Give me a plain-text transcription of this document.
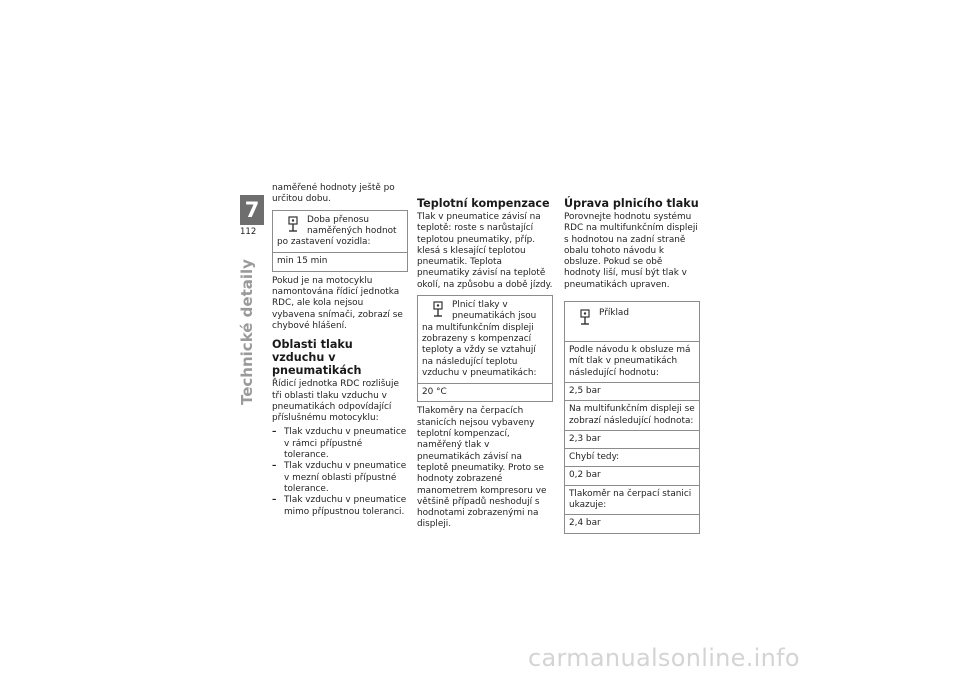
7
112
Technické detaily

naměřené hodnoty ještě po určitou dobu.

Doba přenosu naměřených hodnot po zastavení vozidla:
min 15 min

Pokud je na motocyklu namontována řídicí jednotka RDC, ale kola nejsou vybavena snímači, zobrazí se chybové hlášení.

Oblasti tlaku vzduchu v pneumatikách

Řídicí jednotka RDC rozlišuje tři oblasti tlaku vzduchu v pneumatikách odpovídající příslušnému motocyklu:

– Tlak vzduchu v pneumatice v rámci přípustné tolerance.
– Tlak vzduchu v pneumatice v mezní oblasti přípustné tolerance.
– Tlak vzduchu v pneumatice mimo přípustnou toleranci.
Teplotní kompenzace

Tlak v pneumatice závisí na teplotě: roste s narůstající teplotou pneumatiky, příp. klesá s klesající teplotou pneumatik. Teplota pneumatiky závisí na teplotě okolí, na způsobu a době jízdy.

Plnicí tlaky v pneumatikách jsou na multifunkčním displeji zobrazeny s kompenzací teploty a vždy se vztahují na následující teplotu vzduchu v pneumatikách:
20 °C

Tlakoměry na čerpacích stanicích nejsou vybaveny teplotní kompenzací, naměřený tlak v pneumatikách závisí na teplotě pneumatiky. Proto se hodnoty zobrazené manometrem kompresoru ve většině případů neshodují s hodnotami zobrazenými na displeji.

Úprava plnicího tlaku

Porovnejte hodnotu systému RDC na multifunkčním displeji s hodnotou na zadní straně obalu tohoto návodu k obsluze. Pokud se obě hodnoty liší, musí být tlak v pneumatikách upraven.

Příklad
Podle návodu k obsluze má mít tlak v pneumatikách následující hodnotu:
2,5 bar
Na multifunkčním displeji se zobrazí následující hodnota:
2,3 bar
Chybí tedy:
0,2 bar
Tlakoměr na čerpací stanici ukazuje:
2,4 bar
carmanualsonline.info
